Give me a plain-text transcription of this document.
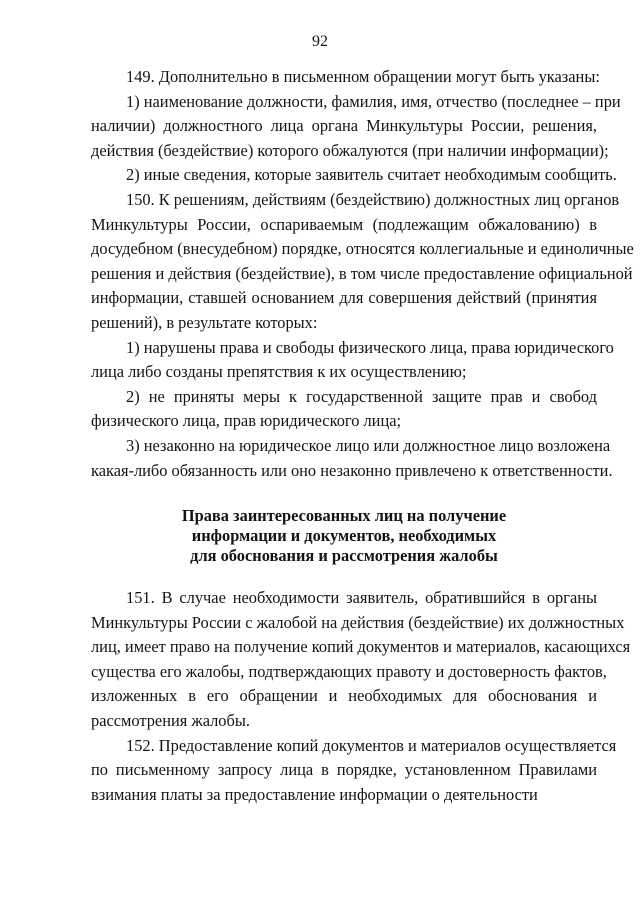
92
149. Дополнительно в письменном обращении могут быть указаны:
1) наименование должности, фамилия, имя, отчество (последнее – при
наличии) должностного лица органа Минкультуры России, решения,
действия (бездействие) которого обжалуются (при наличии информации);
2) иные сведения, которые заявитель считает необходимым сообщить.
150. К решениям, действиям (бездействию) должностных лиц органов
Минкультуры России, оспариваемым (подлежащим обжалованию) в
досудебном (внесудебном) порядке, относятся коллегиальные и единоличные
решения и действия (бездействие), в том числе предоставление официальной
информации, ставшей основанием для совершения действий (принятия
решений), в результате которых:
1) нарушены права и свободы физического лица, права юридического
лица либо созданы препятствия к их осуществлению;
2) не приняты меры к государственной защите прав и свобод
физического лица, прав юридического лица;
3) незаконно на юридическое лицо или должностное лицо возложена
какая-либо обязанность или оно незаконно привлечено к ответственности.
Права заинтересованных лиц на получение
информации и документов, необходимых
для обоснования и рассмотрения жалобы
151. В случае необходимости заявитель, обратившийся в органы
Минкультуры России с жалобой на действия (бездействие) их должностных
лиц, имеет право на получение копий документов и материалов, касающихся
существа его жалобы, подтверждающих правоту и достоверность фактов,
изложенных в его обращении и необходимых для обоснования и
рассмотрения жалобы.
152. Предоставление копий документов и материалов осуществляется
по письменному запросу лица в порядке, установленном Правилами
взимания платы за предоставление информации о деятельности
